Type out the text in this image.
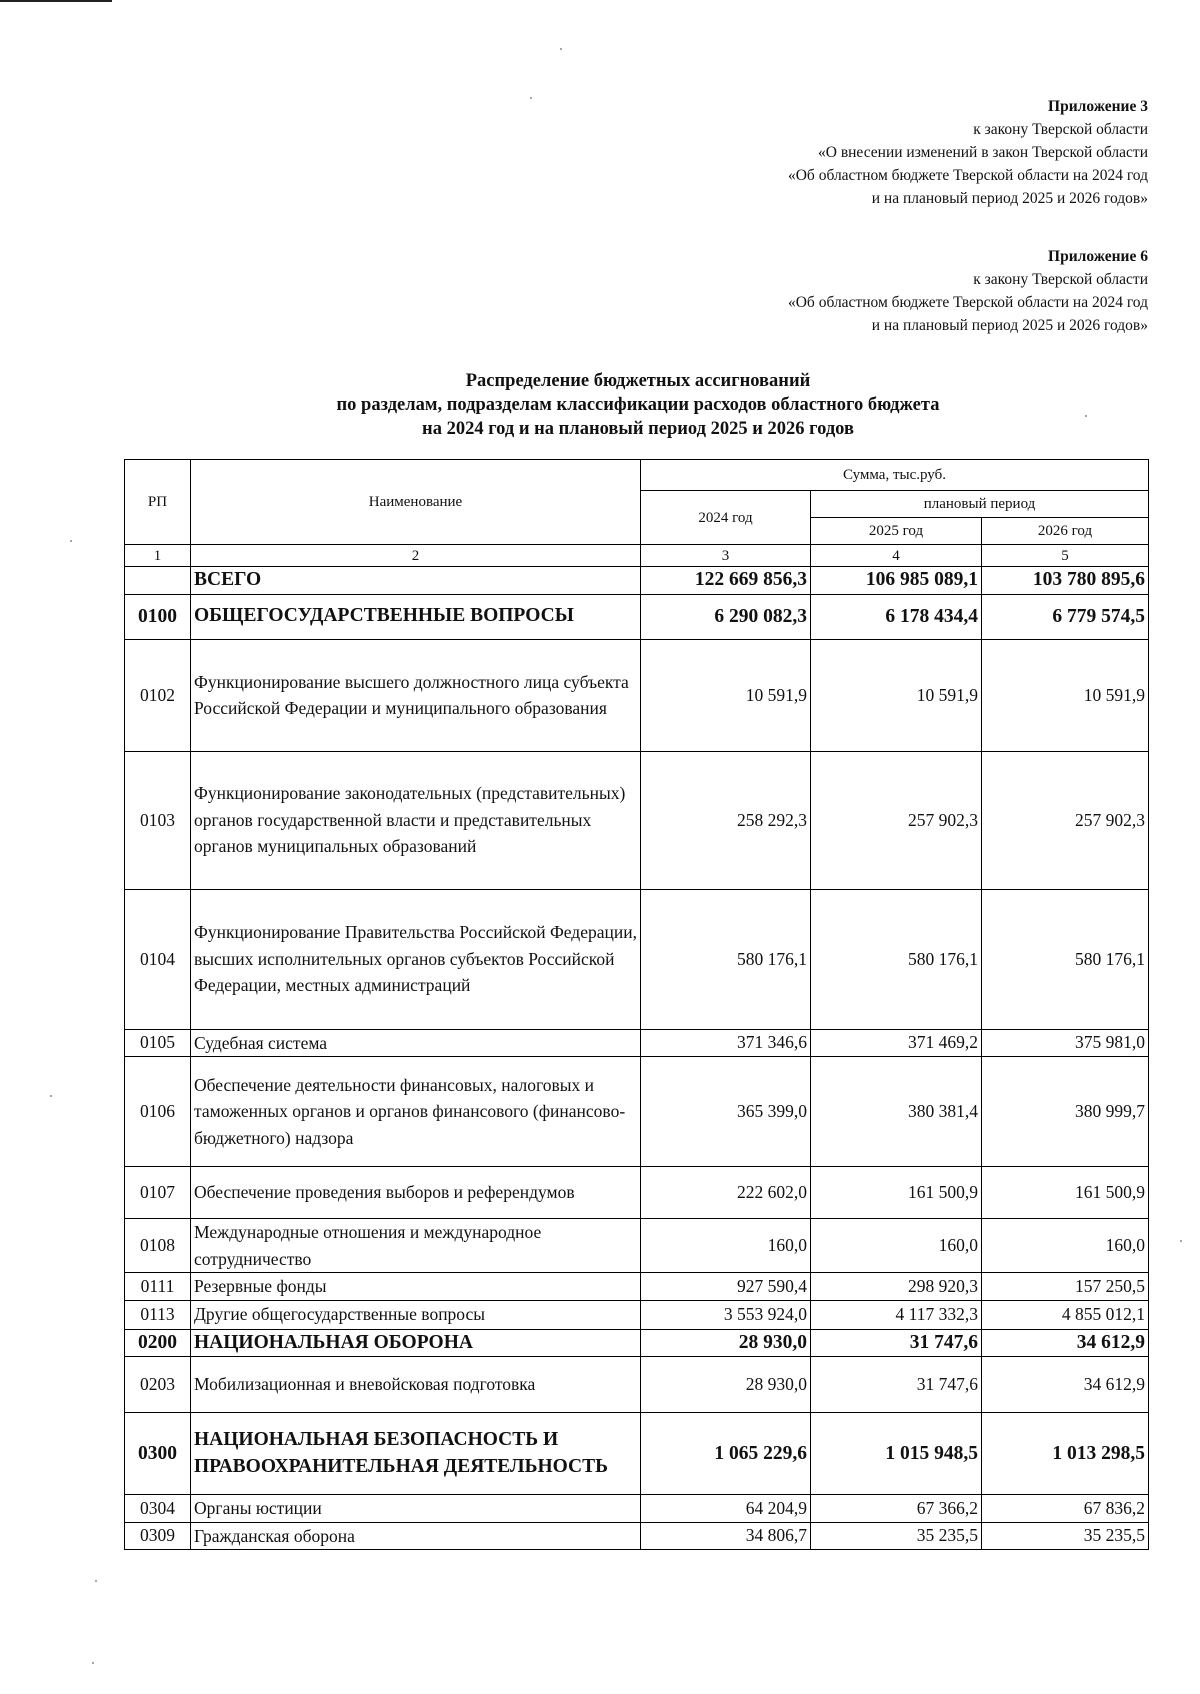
Приложение 3
к закону Тверской области
«О внесении изменений в закон Тверской области
«Об областном бюджете Тверской области на 2024 год
и на плановый период 2025 и 2026 годов»
Приложение 6
к закону Тверской области
«Об областном бюджете Тверской области на 2024 год
и на плановый период 2025 и 2026 годов»
Распределение бюджетных ассигнований
по разделам, подразделам классификации расходов областного бюджета
на 2024 год и на плановый период 2025 и 2026 годов
РП	Наименование	Сумма, тыс.руб.		
		2024 год	плановый период	
			2025 год	2026 год
1	2	3	4	5
	ВСЕГО	122 669 856,3	106 985 089,1	103 780 895,6
0100	ОБЩЕГОСУДАРСТВЕННЫЕ ВОПРОСЫ	6 290 082,3	6 178 434,4	6 779 574,5
0102	Функционирование высшего должностного лица субъекта Российской Федерации и муниципального образования	10 591,9	10 591,9	10 591,9
0103	Функционирование законодательных (представительных) органов государственной власти и представительных органов муниципальных образований	258 292,3	257 902,3	257 902,3
0104	Функционирование Правительства Российской Федерации, высших исполнительных органов субъектов Российской Федерации, местных администраций	580 176,1	580 176,1	580 176,1
0105	Судебная система	371 346,6	371 469,2	375 981,0
0106	Обеспечение деятельности финансовых, налоговых и таможенных органов и органов финансового (финансово-бюджетного) надзора	365 399,0	380 381,4	380 999,7
0107	Обеспечение проведения выборов и референдумов	222 602,0	161 500,9	161 500,9
0108	Международные отношения и международное сотрудничество	160,0	160,0	160,0
0111	Резервные фонды	927 590,4	298 920,3	157 250,5
0113	Другие общегосударственные вопросы	3 553 924,0	4 117 332,3	4 855 012,1
0200	НАЦИОНАЛЬНАЯ ОБОРОНА	28 930,0	31 747,6	34 612,9
0203	Мобилизационная и вневойсковая подготовка	28 930,0	31 747,6	34 612,9
0300	НАЦИОНАЛЬНАЯ БЕЗОПАСНОСТЬ И ПРАВООХРАНИТЕЛЬНАЯ ДЕЯТЕЛЬНОСТЬ	1 065 229,6	1 015 948,5	1 013 298,5
0304	Органы юстиции	64 204,9	67 366,2	67 836,2
0309	Гражданская оборона	34 806,7	35 235,5	35 235,5
